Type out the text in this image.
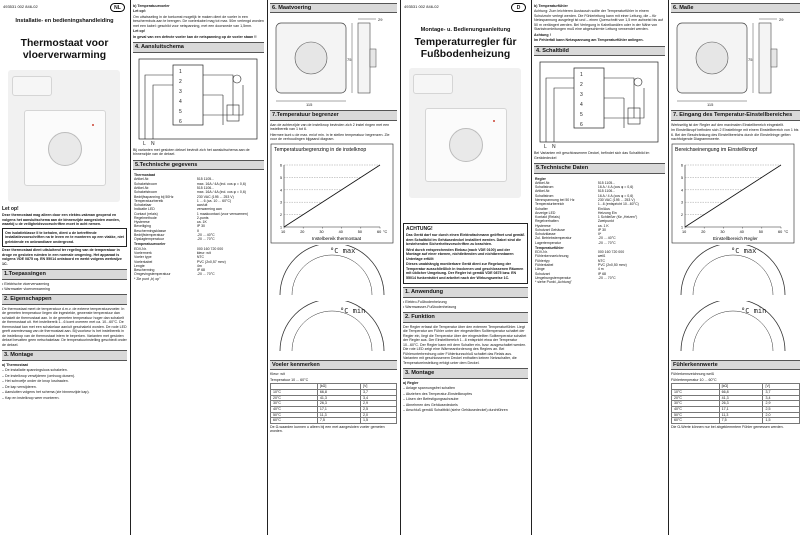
493531 002 846-02	NL
Installatie- en bedieningshandleiding
Thermostaat voor vloerverwarming
Let op!
Deze thermostaat mag alleen door een elektro-vakman geopend en volgens het aansluitschema aan de binnenzijde aangesloten worden, waarbij u de veiligheidsvoorschriften moet in acht nemen.
Om isolatieklasse II te behalen, dient u de betreffende installatievoorschriften na te leven en te monteren op een vlakke, niet geleidende en onbrandbare ondergrond.
Deze thermostaat dient uitsluitend ter regeling van de temperatuur in droge en gesloten ruimten in een normale omgeving. Het apparaat is volgens VDE 0875 cq. EN 55014 ontstoord en werkt volgens werkwijze 1C.
1.Toepassingen
• Elektrische vloerverwarming
• Warmwater vloerverwarming
2. Eigenschappen
De thermostaat meet de temperatuur d.m.v. de externe temperatuurvoeler. In de gemeten temperatuur liegen die ingestelde, gewenste temperatuur dan schakelt de thermostaat aan. In de gemeten temperatuur hoger dan schakelt de thermostaat uit. Het instelbereik 1...6 komt overeen met ca. 10...60°C. De thermostaat kan met een schakelaar aan/uit geschakeld worden. De rode LED geeft warmtevraag van de thermostaat aan. Bij voorkeur is het instelbereik in de instelknop van de thermostaat intern te beperken. Varianten met gesloten deksel bevatten geen netschakelaar. De temperatuurinstelling geschiedt onder de deksel.
3. Montage
a) Thermostaat
– De installatie spanningsloos schakelen.
– De instelknop verwijderen (omhoog duwen).
– Het schroefje onder de knop losdraaien.
– De kap verwijderen.
– Aansluiten volgens het schema (zie binnenzijde kap).
– Kap en instelknop weer monteren.
b) Temperatuurvoeler
Let op!:
Om uitwisseling in de toekomst mogelijk te maken dient de voeler in een beschermbuis aan te brengen. De voelerkabel mag tot max. 50m verlengd worden met een kabel: geschikt voor netspanning, met een doorsnede van 1,5mm.
Let op!
In geval van een defecte voeler kan de netspanning op de voeler staan !!
4. Aansluitschema
1
2
3
4
5
6
L N
Bij varianten met gesloten deksel bevindt zich het aansluitschema aan de binnenzijde van de deksel.
5.Technische gegevens
Thermostaat	
Artikel-Nr.	515 1105...
Schakelstroom	max. 16A / 4A (ind. cos φ = 0,6)
Artikel-Nr.	515 1106...
Schakelstroom	max. 16A / 4A (ind. cos φ = 0,6)
Bedrijfsspanning bij 50Hz	230 VAC (195 ... 253 V)
Temperatuurbereik	1 ... 6 (ca. 10 ... 60°C)
Schakelaar	aan/uit
Indicatie LED	verwarming aan
Contact (relais)	1 maakcontact (voor verwarmen)
Regelmethode	2-punts
Hysterese	ca. 1K
Beveiliging	IP 30
Beschermingsklasse	II
Bedrijfstemperatuur	-20 ... 40°C
Opslagtemperatuur	-20 ... 70°C
Temperatuurvoeler	
EDV-Nr.	000 160 720 000
Voelermerk	kleur: wit
Voeler type	NTC
Voelerkabel	PVC (2x0,57 mm²)
Lengte	4m
Bescherming	IP 68
Omgevingstemperatuur	-20 ... 70°C
* Zie punt „b) op"	
6. Maatvoering
115
75
29
7.Temperatuur begrenzer
Aan de achterzijde van de instelknop bevinden zich 2 instel ringen met een instelbereik van 1 tot 6.
Hiermee kunt u de max. en/of min. in te stellen temperatuur begrenzen. Zie voor de verhoudingen bijgaand diagram.
Temperatuurbegrenzing in de instelknop
1
2
3
4
5
6
10	20	30	40	50	60 °C
Instelbereik thermostaat
°C max
°C min
Voeler kenmerken
Kleur: wit
Temperatuur 10 ... 60°C
	[kΩ]	[V]
10°C	66,8	3,7
20°C	41,3	3,4
30°C	26,3	2,9
40°C	17,1	2,5
50°C	11,3	2,0
60°C	7,5	1,5
De Ω-waarden kunnen u alleen bij een met aangesloten voeler gemeten worden.
493531 002 846-02	D
Montage- u. Bedienungsanleitung
Temperaturregler für Fußbodenheizung
ACHTUNG!
Das Gerät darf nur durch einen Elektrofachmann geöffnet und gemäß dem Schaltbild im Gehäusedeckel installiert werden. Dabei sind die bestehenden Sicherheitsvorschriften zu beachten.
Wird durch entsprechenden Einbau (nach VDE 0100) und der Montage auf einer ebenen, nichtleitenden und nichtbrennbaren Unterlage erfüllt
Dieses unabhängig montierbare Gerät dient zur Regelung der Temperatur ausschließlich in trockenen und geschlossenen Räumen mit üblicher Umgebung. Der Regler ist gemäß VDE 0875 bzw. EN 55014 funkentstört und arbeitet nach der Wirkungsweise 1C.
1. Anwendung
• Elektro-Fußbodenheizung
• Warmwasser-Fußbodenheizung
2. Funktion
Der Regler erfasst die Temperatur über den externen Temperaturfühler. Liegt die Temperatur am Fühler unter der eingestellten Solltemperatur schaltet der Regler ein, liegt die Temperatur über der eingestellten Solltemperatur schaltet der Regler aus. Der Einstellbereich 1...6 entspricht etwa der Temperatur 10...60°C. Der Regler kann mit dem Schalter ein- bzw. ausgeschaltet werden. Die rote LED zeigt eine Wärmeanforderung des Reglers an. Bei Fühlerunterbrechung oder Fühlerkurzschluß schaltet das Relais aus. Varianten mit geschlossenem Deckel enthalten keinen Netzschalter, die Temperatureinstellung erfolgt unter dem Deckel.
3. Montage
a) Regler
– Anlage spannungsfrei schalten
– Abziehen des Temperatur-Einstellknopfes
– Lösen der Befestigungsschraube
– Abnehmen des Gehäusedeckels
– Anschluß gemäß Schaltbild (siehe Gehäusedeckel) durchführen
b) Temperaturfühler
Achtung: Zum leichteren Austausch sollte der Temperaturfühler in einem Schutzrohr verlegt werden. Die Fühlerleitung kann mit einer Leitung, die – für Netzspannung ausgelegt ist und – einen Querschnitt von 1,5 mm aufweist bis auf 50 m verlängert werden. Bei Verlegung in Kabelkanälen oder in der Nähe von Starkstromleitungen muß eine abgeschirmte Leitung verwendet werden.
Achtung !
Im Fehlerfall kann Netzspannung am Temperaturfühler anliegen.
4. Schaltbild
1
2
3
4
5
6
L N
Bei Varianten mit geschlossenem Deckel, befindet sich das Schaltbild im Gerädedeckel
5.Technische Daten
Regler	
Artikel-Nr.	515 1105...
Schaltstrom	16 A / 4 A (cos φ = 0,6)
Artikel-Nr.	515 1106...
Schaltstrom	16 A / 4 A (cos φ = 0,6)
Nennspannung bei 50 Hz	230 VAC (195 ... 253 V)
Temperaturbereich	1...6 (entspricht 10...60°C)
Schalter	Ein/Aus
Anzeige LED	Heizung Ein
Kontakt (Relais)	1 Schließer (für „Heizen")
Regelverhalten	Zweipunkt
Hysterese	ca. 1 K
Schutzart Gehäuse	IP 30
Schutzklasse	II*
Zul. Betriebstemperatur	-20 ... 40°C
Lagertemperatur	-20 ... 70°C
Temperaturfühler	
EDV-Nr.	000 160 720 000
Fühlerkennzeichnung	weiß
Fühlertyp	NTC
Fühlerkabel	PVC (2x0,50 mm²)
Länge	4 m
Schutzart	IP 68
Umgebungstemperatur	-20 ... 70°C
* siehe Punkt „Achtung"	
6. Maße
115
75
29
7. Eingang des Temperatur-Einstellbereiches
Werkseitig ist der Regler auf den maximalen Einstellbereich eingestellt.
Im Einstellknopf befinden sich 2 Einstellringe mit einem Einstellbereich von 1 bis 6. Bei der Beschränkung des Einstellbereichs durch die Einstellringe gelten nachfolgende Diagrammwerte.
Bereichseinengung im Einstellknopf
1
2
3
4
5
6
10	20	30	40	50	60 °C
Einstellbereich Regler
°C max
°C min
Fühlerkennwerte
Fühlerkennzeichnung weiß
Fühlertemperatur 10 ... 60°C
	[kΩ]	[V]
10°C	66,8	3,7
20°C	41,3	3,4
30°C	26,3	2,9
40°C	17,1	2,5
50°C	11,3	2,0
60°C	7,5	1,5
Die Ω-Werte können nur bei abgeklemmtem Fühler gemessen werden.
